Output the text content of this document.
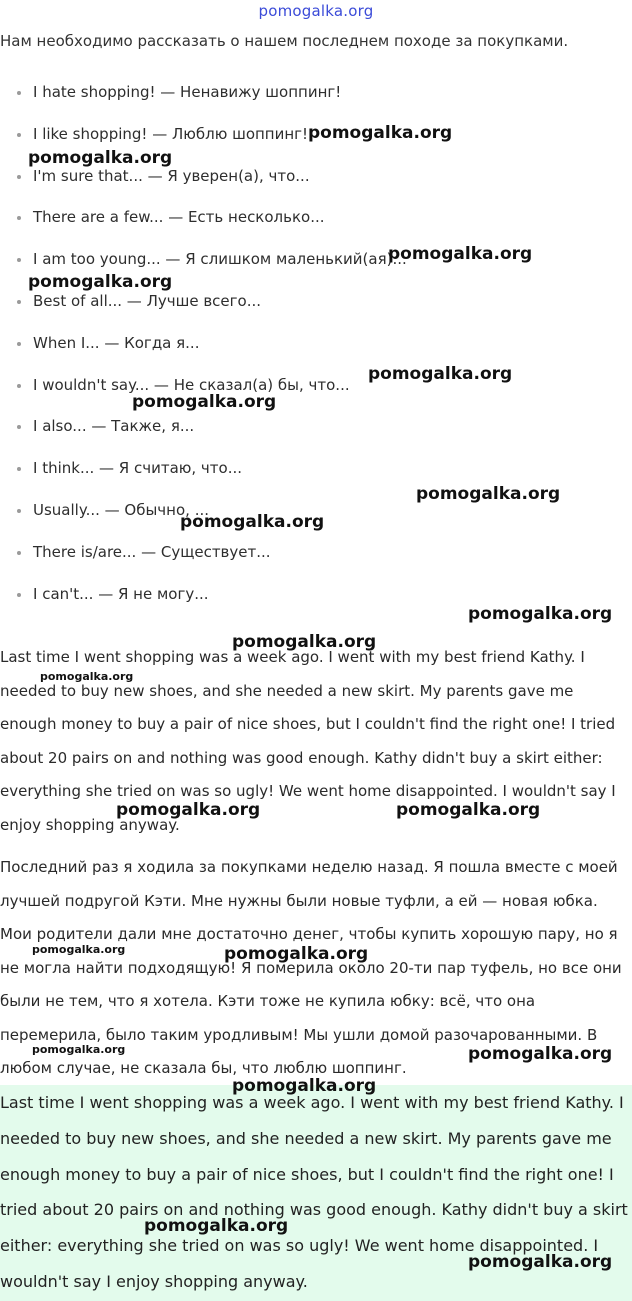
pomogalka.org

Нам необходимо рассказать о нашем последнем походе за покупками.

I hate shopping! — Ненавижу шоппинг!
I like shopping! — Люблю шоппинг!
I'm sure that... — Я уверен(а), что...
There are a few... — Есть несколько...
I am too young... — Я слишком маленький(ая)...
Best of all... — Лучше всего...
When I... — Когда я...
I wouldn't say... — Не сказал(а) бы, что...
I also... — Также, я...
I think... — Я считаю, что...
Usually... — Обычно, ...
There is/are... — Существует...
I can't... — Я не могу...

Last time I went shopping was a week ago. I went with my best friend Kathy. I needed to buy new shoes, and she needed a new skirt. My parents gave me enough money to buy a pair of nice shoes, but I couldn't find the right one! I tried about 20 pairs on and nothing was good enough. Kathy didn't buy a skirt either: everything she tried on was so ugly! We went home disappointed. I wouldn't say I enjoy shopping anyway.

Последний раз я ходила за покупками неделю назад. Я пошла вместе с моей лучшей подругой Кэти. Мне нужны были новые туфли, а ей — новая юбка. Мои родители дали мне достаточно денег, чтобы купить хорошую пару, но я не могла найти подходящую! Я померила около 20-ти пар туфель, но все они были не тем, что я хотела. Кэти тоже не купила юбку: всё, что она перемерила, было таким уродливым! Мы ушли домой разочарованными. В любом случае, не сказала бы, что люблю шоппинг.

Last time I went shopping was a week ago. I went with my best friend Kathy. I needed to buy new shoes, and she needed a new skirt. My parents gave me enough money to buy a pair of nice shoes, but I couldn't find the right one! I tried about 20 pairs on and nothing was good enough. Kathy didn't buy a skirt either: everything she tried on was so ugly! We went home disappointed. I wouldn't say I enjoy shopping anyway.

pomogalka.org
pomogalka.org
pomogalka.org
pomogalka.org
pomogalka.org
pomogalka.org
pomogalka.org
pomogalka.org
pomogalka.org
pomogalka.org
pomogalka.org
pomogalka.org	pomogalka.org
pomogalka.org	pomogalka.org
pomogalka.org	pomogalka.org
pomogalka.org
pomogalka.org
pomogalka.org
